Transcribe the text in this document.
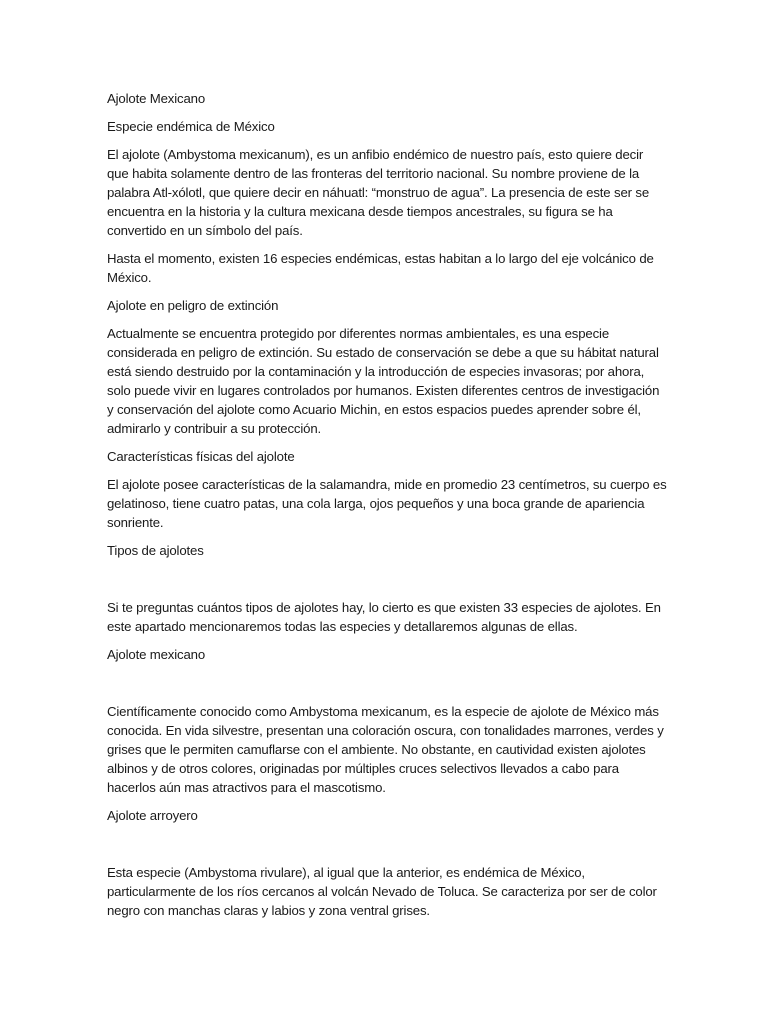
Ajolote Mexicano

Especie endémica de México

El ajolote (Ambystoma mexicanum), es un anfibio endémico de nuestro país, esto quiere decir que habita solamente dentro de las fronteras del territorio nacional. Su nombre proviene de la palabra Atl-xólotl, que quiere decir en náhuatl: “monstruo de agua”. La presencia de este ser se encuentra en la historia y la cultura mexicana desde tiempos ancestrales, su figura se ha convertido en un símbolo del país.

Hasta el momento, existen 16 especies endémicas, estas habitan a lo largo del eje volcánico de México.

Ajolote en peligro de extinción

Actualmente se encuentra protegido por diferentes normas ambientales, es una especie considerada en peligro de extinción. Su estado de conservación se debe a que su hábitat natural está siendo destruido por la contaminación y la introducción de especies invasoras; por ahora, solo puede vivir en lugares controlados por humanos. Existen diferentes centros de investigación y conservación del ajolote como Acuario Michin, en estos espacios puedes aprender sobre él, admirarlo y contribuir a su protección.

Características físicas del ajolote

El ajolote posee características de la salamandra, mide en promedio 23 centímetros, su cuerpo es gelatinoso, tiene cuatro patas, una cola larga, ojos pequeños y una boca grande de apariencia sonriente.

Tipos de ajolotes

Si te preguntas cuántos tipos de ajolotes hay, lo cierto es que existen 33 especies de ajolotes. En este apartado mencionaremos todas las especies y detallaremos algunas de ellas.

Ajolote mexicano

Científicamente conocido como Ambystoma mexicanum, es la especie de ajolote de México más conocida. En vida silvestre, presentan una coloración oscura, con tonalidades marrones, verdes y grises que le permiten camuflarse con el ambiente. No obstante, en cautividad existen ajolotes albinos y de otros colores, originadas por múltiples cruces selectivos llevados a cabo para hacerlos aún mas atractivos para el mascotismo.

Ajolote arroyero

Esta especie (Ambystoma rivulare), al igual que la anterior, es endémica de México, particularmente de los ríos cercanos al volcán Nevado de Toluca. Se caracteriza por ser de color negro con manchas claras y labios y zona ventral grises.
